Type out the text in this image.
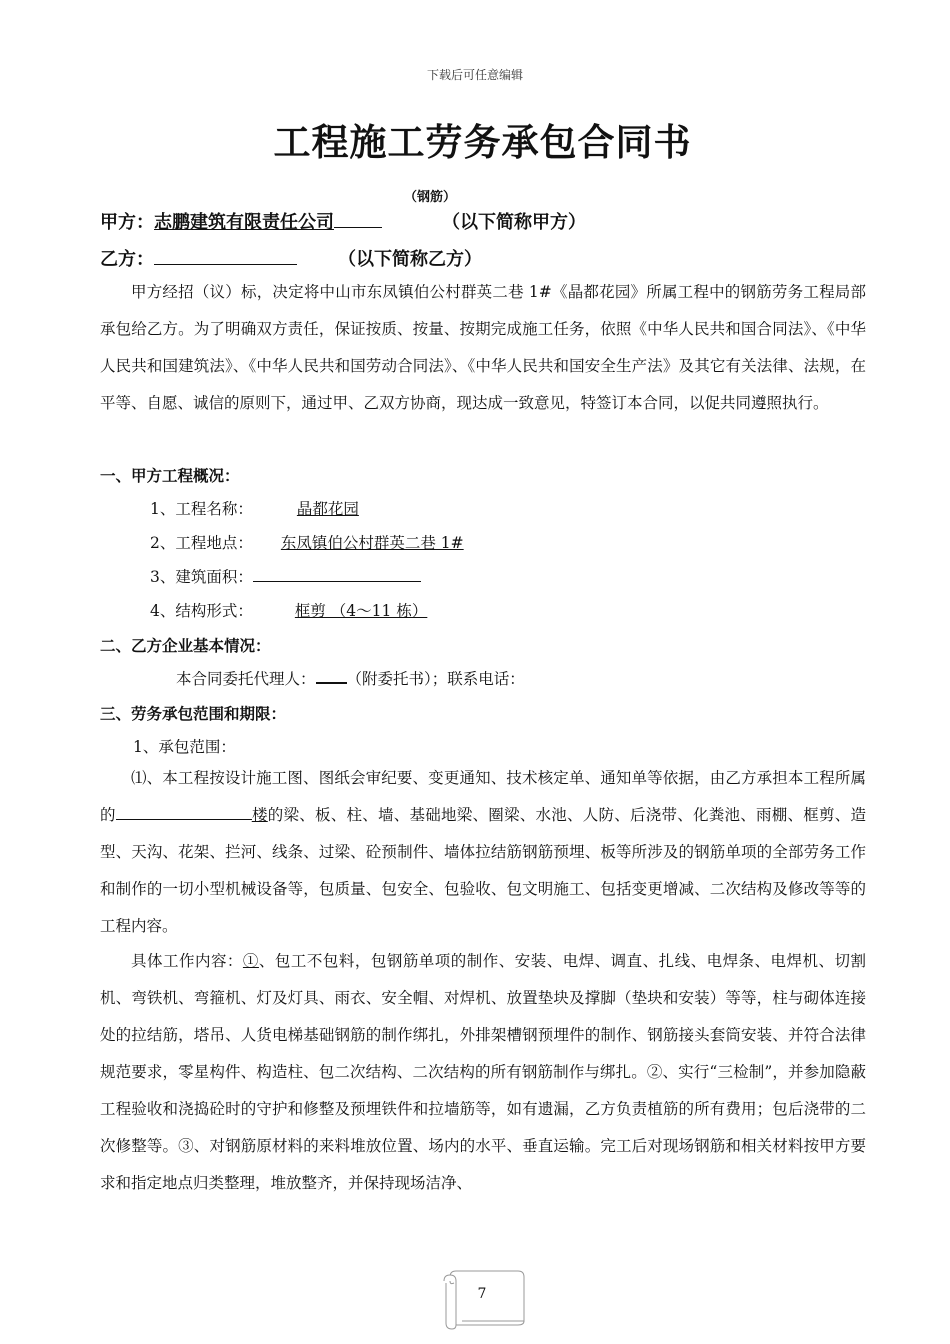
下载后可任意编辑
工程施工劳务承包合同书
（钢筋）
甲方：志鹏建筑有限责任公司	（以下简称甲方）
乙方：	（以下简称乙方）

甲方经招（议）标，决定将中山市东凤镇伯公村群英二巷 1#《晶都花园》所属工程中的钢筋劳务工程局部承包给乙方。为了明确双方责任，保证按质、按量、按期完成施工任务，依照《中华人民共和国合同法》、《中华人民共和国建筑法》、《中华人民共和国劳动合同法》、《中华人民共和国安全生产法》及其它有关法律、法规，在平等、自愿、诚信的原则下，通过甲、乙双方协商，现达成一致意见，特签订本合同，以促共同遵照执行。

一、甲方工程概况：
1、工程名称：	晶都花园
2、工程地点： 东凤镇伯公村群英二巷 1#
3、建筑面积：
4、结构形式：	框剪 （4～11 栋）
二、乙方企业基本情况：
本合同委托代理人： （附委托书）；联系电话：
三、劳务承包范围和期限：
1、承包范围：

⑴、本工程按设计施工图、图纸会审纪要、变更通知、技术核定单、通知单等依据，由乙方承担本工程所属的	楼的梁、板、柱、墙、基础地梁、圈梁、水池、人防、后浇带、化粪池、雨棚、框剪、造型、天沟、花架、拦河、线条、过梁、砼预制件、墙体拉结筋钢筋预埋、板等所涉及的钢筋单项的全部劳务工作和制作的一切小型机械设备等，包质量、包安全、包验收、包文明施工、包括变更增减、二次结构及修改等等的工程内容。

具体工作内容：①、包工不包料，包钢筋单项的制作、安装、电焊、调直、扎线、电焊条、电焊机、切割机、弯铁机、弯箍机、灯及灯具、雨衣、安全帽、对焊机、放置垫块及撑脚（垫块和安装）等等，柱与砌体连接处的拉结筋，塔吊、人货电梯基础钢筋的制作绑扎，外排架槽钢预埋件的制作、钢筋接头套筒安装、并符合法律规范要求，零星构件、构造柱、包二次结构、二次结构的所有钢筋制作与绑扎。②、实行“三检制”，并参加隐蔽工程验收和浇捣砼时的守护和修整及预埋铁件和拉墙筋等，如有遗漏，乙方负责植筋的所有费用；包后浇带的二次修整等。③、对钢筋原材料的来料堆放位置、场内的水平、垂直运输。完工后对现场钢筋和相关材料按甲方要求和指定地点归类整理，堆放整齐，并保持现场洁净、

7
